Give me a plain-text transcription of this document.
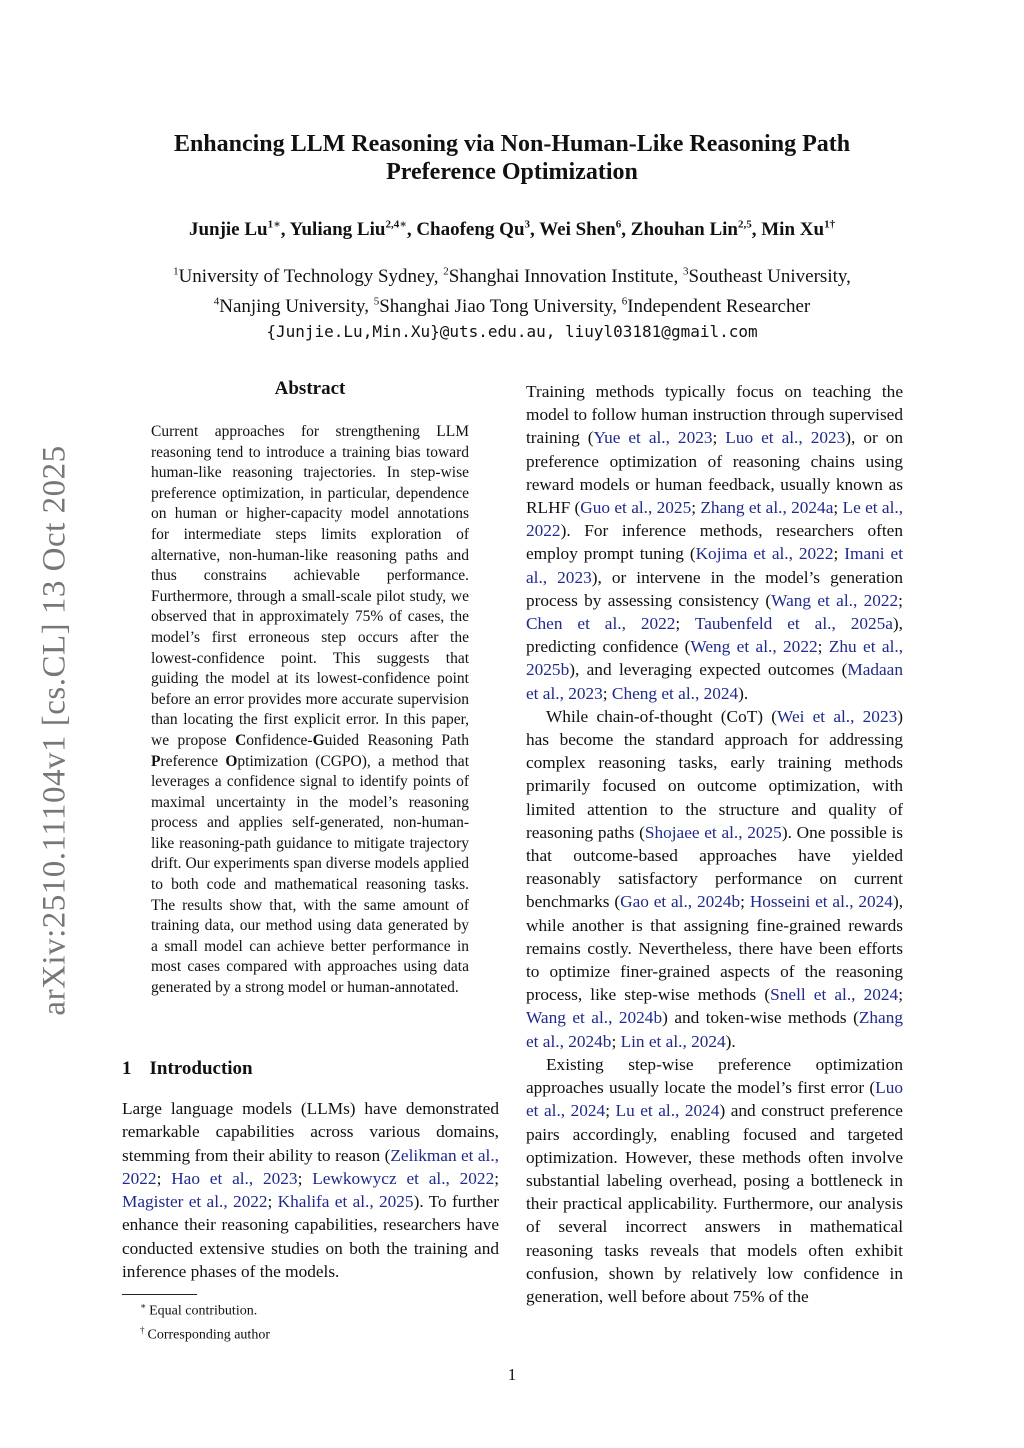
arXiv:2510.11104v1 [cs.CL] 13 Oct 2025
Enhancing LLM Reasoning via Non-Human-Like Reasoning Path
Preference Optimization
Junjie $Lu^{1∗}$, Yuliang Liu$^{2,4∗}$, Chaofeng Qu$^3$, Wei Shen$^6$, Zhouhan Lin$^{2,5}$, Min $Xu^{1\dagger}$
$^1$University of Technology Sydney, $^2$Shanghai Innovation Institute, $^3$Southeast University,
$^4$Nanjing University, $^5$Shanghai Jiao Tong University, $^6$Independent Researcher
{Junjie.Lu,Min.Xu}@uts.edu.au, liuyl03181@gmail.com
Abstract
Current approaches for strengthening LLM reasoning tend to introduce a training bias toward human-like reasoning trajectories. In step-wise preference optimization, in particular, dependence on human or higher-capacity model annotations for intermediate steps limits exploration of alternative, non-human-like reasoning paths and thus constrains achievable performance. Furthermore, through a small-scale pilot study, we observed that in approximately 75% of cases, the model’s first erroneous step occurs after the lowest-confidence point. This suggests that guiding the model at its lowest-confidence point before an error provides more accurate supervision than locating the first explicit error. In this paper, we propose Confidence-Guided Reasoning Path Preference Optimization (CGPO), a method that leverages a confidence signal to identify points of maximal uncertainty in the model’s reasoning process and applies self-generated, non-human-like reasoning-path guidance to mitigate trajectory drift. Our experiments span diverse models applied to both code and mathematical reasoning tasks. The results show that, with the same amount of training data, our method using data generated by a small model can achieve better performance in most cases compared with approaches using data generated by a strong model or human-annotated.
1 Introduction
Large language models (LLMs) have demonstrated remarkable capabilities across various domains, stemming from their ability to reason (Zelikman et al., 2022; Hao et al., 2023; Lewkowycz et al., 2022; Magister et al., 2022; Khalifa et al., 2025). To further enhance their reasoning capabilities, researchers have conducted extensive studies on both the training and inference phases of the models.
∗ Equal contribution.
† Corresponding author

Training methods typically focus on teaching the model to follow human instruction through supervised training (Yue et al., 2023; Luo et al., 2023), or on preference optimization of reasoning chains using reward models or human feedback, usually known as RLHF (Guo et al., 2025; Zhang et al., 2024a; Le et al., 2022). For inference methods, researchers often employ prompt tuning (Kojima et al., 2022; Imani et al., 2023), or intervene in the model’s generation process by assessing consistency (Wang et al., 2022; Chen et al., 2022; Taubenfeld et al., 2025a), predicting confidence (Weng et al., 2022; Zhu et al., 2025b), and leveraging expected outcomes (Madaan et al., 2023; Cheng et al., 2024).

While chain-of-thought (CoT) (Wei et al., 2023) has become the standard approach for addressing complex reasoning tasks, early training methods primarily focused on outcome optimization, with limited attention to the structure and quality of reasoning paths (Shojaee et al., 2025). One possible is that outcome-based approaches have yielded reasonably satisfactory performance on current benchmarks (Gao et al., 2024b; Hosseini et al., 2024), while another is that assigning fine-grained rewards remains costly. Nevertheless, there have been efforts to optimize finer-grained aspects of the reasoning process, like step-wise methods (Snell et al., 2024; Wang et al., 2024b) and token-wise methods (Zhang et al., 2024b; Lin et al., 2024).

Existing step-wise preference optimization approaches usually locate the model’s first error (Luo et al., 2024; Lu et al., 2024) and construct preference pairs accordingly, enabling focused and targeted optimization. However, these methods often involve substantial labeling overhead, posing a bottleneck in their practical applicability. Furthermore, our analysis of several incorrect answers in mathematical reasoning tasks reveals that models often exhibit confusion, shown by relatively low confidence in generation, well before about 75% of the

1
